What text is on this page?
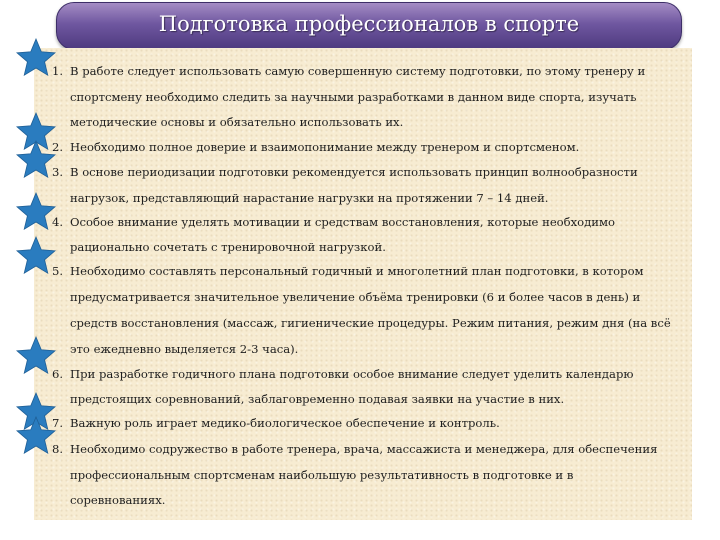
Подготовка профессионалов в спорте
1. В работе следует использовать самую совершенную систему подготовки, по этому тренеру и
спортсмену необходимо следить за научными разработками в данном виде спорта, изучать
методические основы и обязательно использовать их.
2. Необходимо полное доверие и взаимопонимание между тренером и спортсменом.
3. В основе периодизации подготовки рекомендуется использовать принцип волнообразности
нагрузок, представляющий нарастание нагрузки на протяжении 7 – 14 дней.
4. Особое внимание уделять мотивации и средствам восстановления, которые необходимо
рационально сочетать с тренировочной нагрузкой.
5. Необходимо составлять персональный годичный и многолетний план подготовки, в котором
предусматривается значительное увеличение объёма тренировки (6 и более часов в день) и
средств восстановления (массаж, гигиенические процедуры. Режим питания, режим дня (на всё
это ежедневно выделяется 2-3 часа).
6. При разработке годичного плана подготовки особое внимание следует уделить календарю
предстоящих соревнований, заблаговременно подавая заявки на участие в них.
7. Важную роль играет медико-биологическое обеспечение и контроль.
8. Необходимо содружество в работе тренера, врача, массажиста и менеджера, для обеспечения
профессиональным спортсменам наибольшую результативность в подготовке и в
соревнованиях.
